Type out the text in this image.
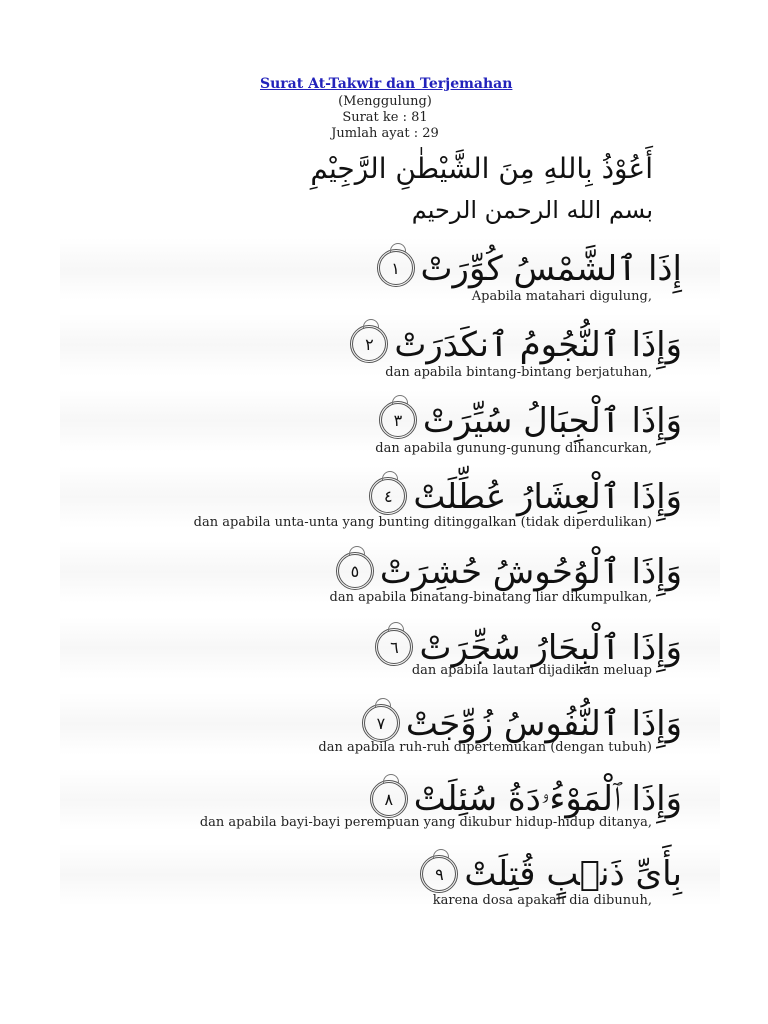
Surat At-Takwir dan Terjemahan
(Menggulung)
Surat ke : 81
Jumlah ayat : 29
أَعُوْذُ بِاللهِ مِنَ الشَّيْطٰنِ الرَّجِيْمِ
بسم الله الرحمن الرحيم
إِذَا ٱلشَّمْسُ كُوِّرَتْ
١
Apabila matahari digulung,
وَإِذَا ٱلنُّجُومُ ٱنكَدَرَتْ
٢
dan apabila bintang-bintang berjatuhan,
وَإِذَا ٱلْجِبَالُ سُيِّرَتْ
٣
dan apabila gunung-gunung dihancurkan,
وَإِذَا ٱلْعِشَارُ عُطِّلَتْ
٤
dan apabila unta-unta yang bunting ditinggalkan (tidak diperdulikan)
وَإِذَا ٱلْوُحُوشُ حُشِرَتْ
٥
dan apabila binatang-binatang liar dikumpulkan,
وَإِذَا ٱلْبِحَارُ سُجِّرَتْ
٦
dan apabila lautan dijadikan meluap
وَإِذَا ٱلنُّفُوسُ زُوِّجَتْ
٧
dan apabila ruh-ruh dipertemukan (dengan tubuh)
وَإِذَا ٱلْمَوْءُۥدَةُ سُئِلَتْ
٨
dan apabila bayi-bayi perempuan yang dikubur hidup-hidup ditanya,
بِأَىِّ ذَنۢبٍ قُتِلَتْ
٩
karena dosa apakah dia dibunuh,
